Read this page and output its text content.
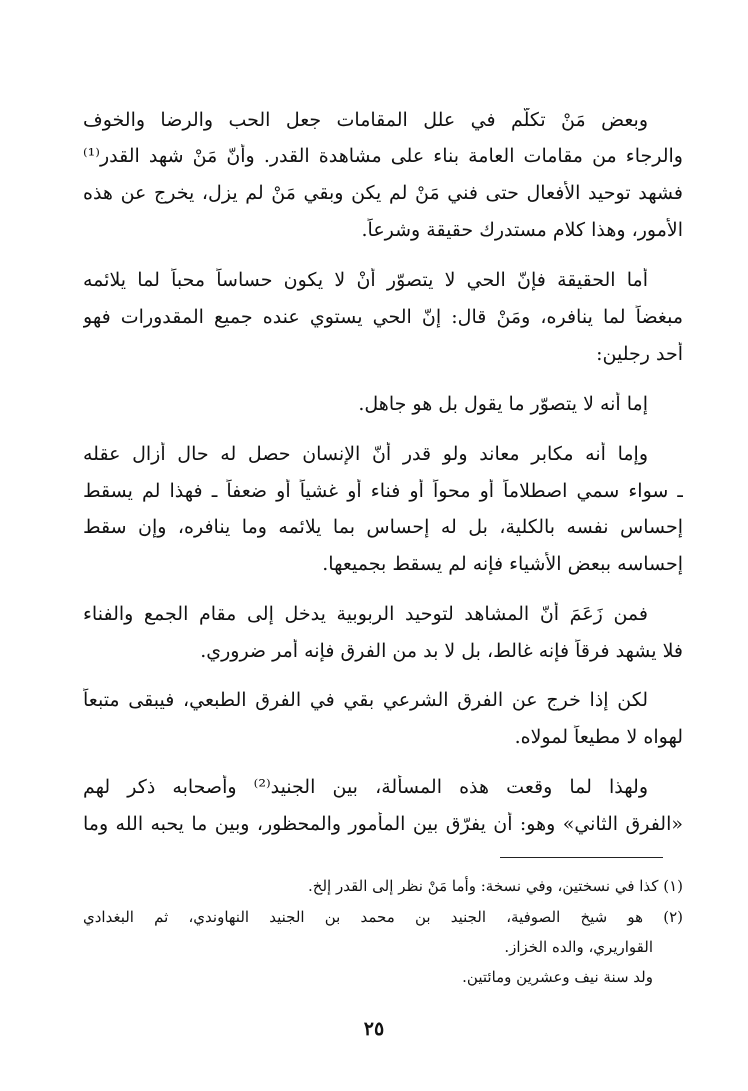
وبعض مَنْ تكلّم في علل المقامات جعل الحب والرضا والخوف
والرجاء من مقامات العامة بناء على مشاهدة القدر. وأنّ مَنْ شهد القدر⁽¹⁾
فشهد توحيد الأفعال حتى فني مَنْ لم يكن وبقي مَنْ لم يزل، يخرج عن هذه
الأمور، وهذا كلام مستدرك حقيقة وشرعاً.
أما الحقيقة فإنّ الحي لا يتصوّر أنْ لا يكون حساساً محباً لما يلائمه
مبغضاً لما ينافره، ومَنْ قال: إنّ الحي يستوي عنده جميع المقدورات فهو
أحد رجلين:
إما أنه لا يتصوّر ما يقول بل هو جاهل.
وإما أنه مكابر معاند ولو قدر أنّ الإنسان حصل له حال أزال عقله
ـ سواء سمي اصطلاماً أو محواً أو فناء أو غشياً أو ضعفاً ـ فهذا لم يسقط
إحساس نفسه بالكلية، بل له إحساس بما يلائمه وما ينافره، وإن سقط
إحساسه ببعض الأشياء فإنه لم يسقط بجميعها.
فمن زَعَمَ أنّ المشاهد لتوحيد الربوبية يدخل إلى مقام الجمع والفناء
فلا يشهد فرقاً فإنه غالط، بل لا بد من الفرق فإنه أمر ضروري.
لكن إذا خرج عن الفرق الشرعي بقي في الفرق الطبعي، فيبقى متبعاً
لهواه لا مطيعاً لمولاه.
ولهذا لما وقعت هذه المسألة، بين الجنيد⁽²⁾ وأصحابه ذكر لهم
«الفرق الثاني» وهو: أن يفرّق بين المأمور والمحظور، وبين ما يحبه الله وما
(١) كذا في نسختين، وفي نسخة: وأما مَنْ نظر إلى القدر إلخ.
(٢) هو شيخ الصوفية، الجنيد بن محمد بن الجنيد النهاوندي، ثم البغدادي
القواريري، والده الخزاز.
ولد سنة نيف وعشرين ومائتين.
٢٥
